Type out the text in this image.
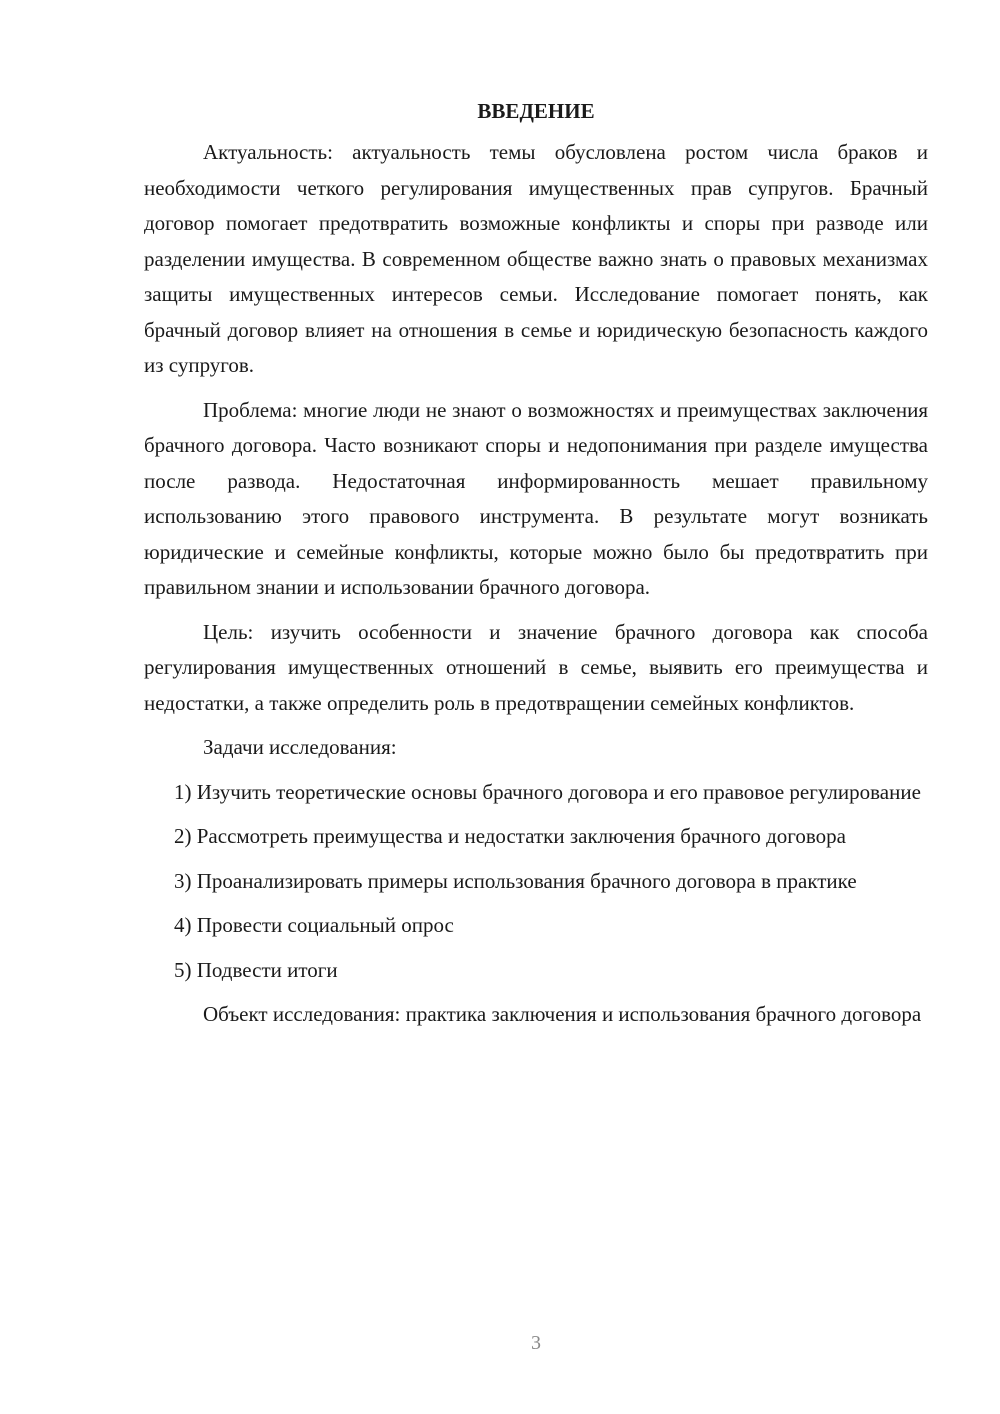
ВВЕДЕНИЕ

Актуальность: актуальность темы обусловлена ростом числа браков и необходимости четкого регулирования имущественных прав супругов. Брачный договор помогает предотвратить возможные конфликты и споры при разводе или разделении имущества. В современном обществе важно знать о правовых механизмах защиты имущественных интересов семьи. Исследование помогает понять, как брачный договор влияет на отношения в семье и юридическую безопасность каждого из супругов.

Проблема: многие люди не знают о возможностях и преимуществах заключения брачного договора. Часто возникают споры и недопонимания при разделе имущества после развода. Недостаточная информированность мешает правильному использованию этого правового инструмента. В результате могут возникать юридические и семейные конфликты, которые можно было бы предотвратить при правильном знании и использовании брачного договора.

Цель: изучить особенности и значение брачного договора как способа регулирования имущественных отношений в семье, выявить его преимущества и недостатки, а также определить роль в предотвращении семейных конфликтов.

Задачи исследования:

1) Изучить теоретические основы брачного договора и его правовое регулирование

2) Рассмотреть преимущества и недостатки заключения брачного договора

3) Проанализировать примеры использования брачного договора в практике

4) Провести социальный опрос

5) Подвести итоги

Объект исследования: практика заключения и использования брачного договора

3
